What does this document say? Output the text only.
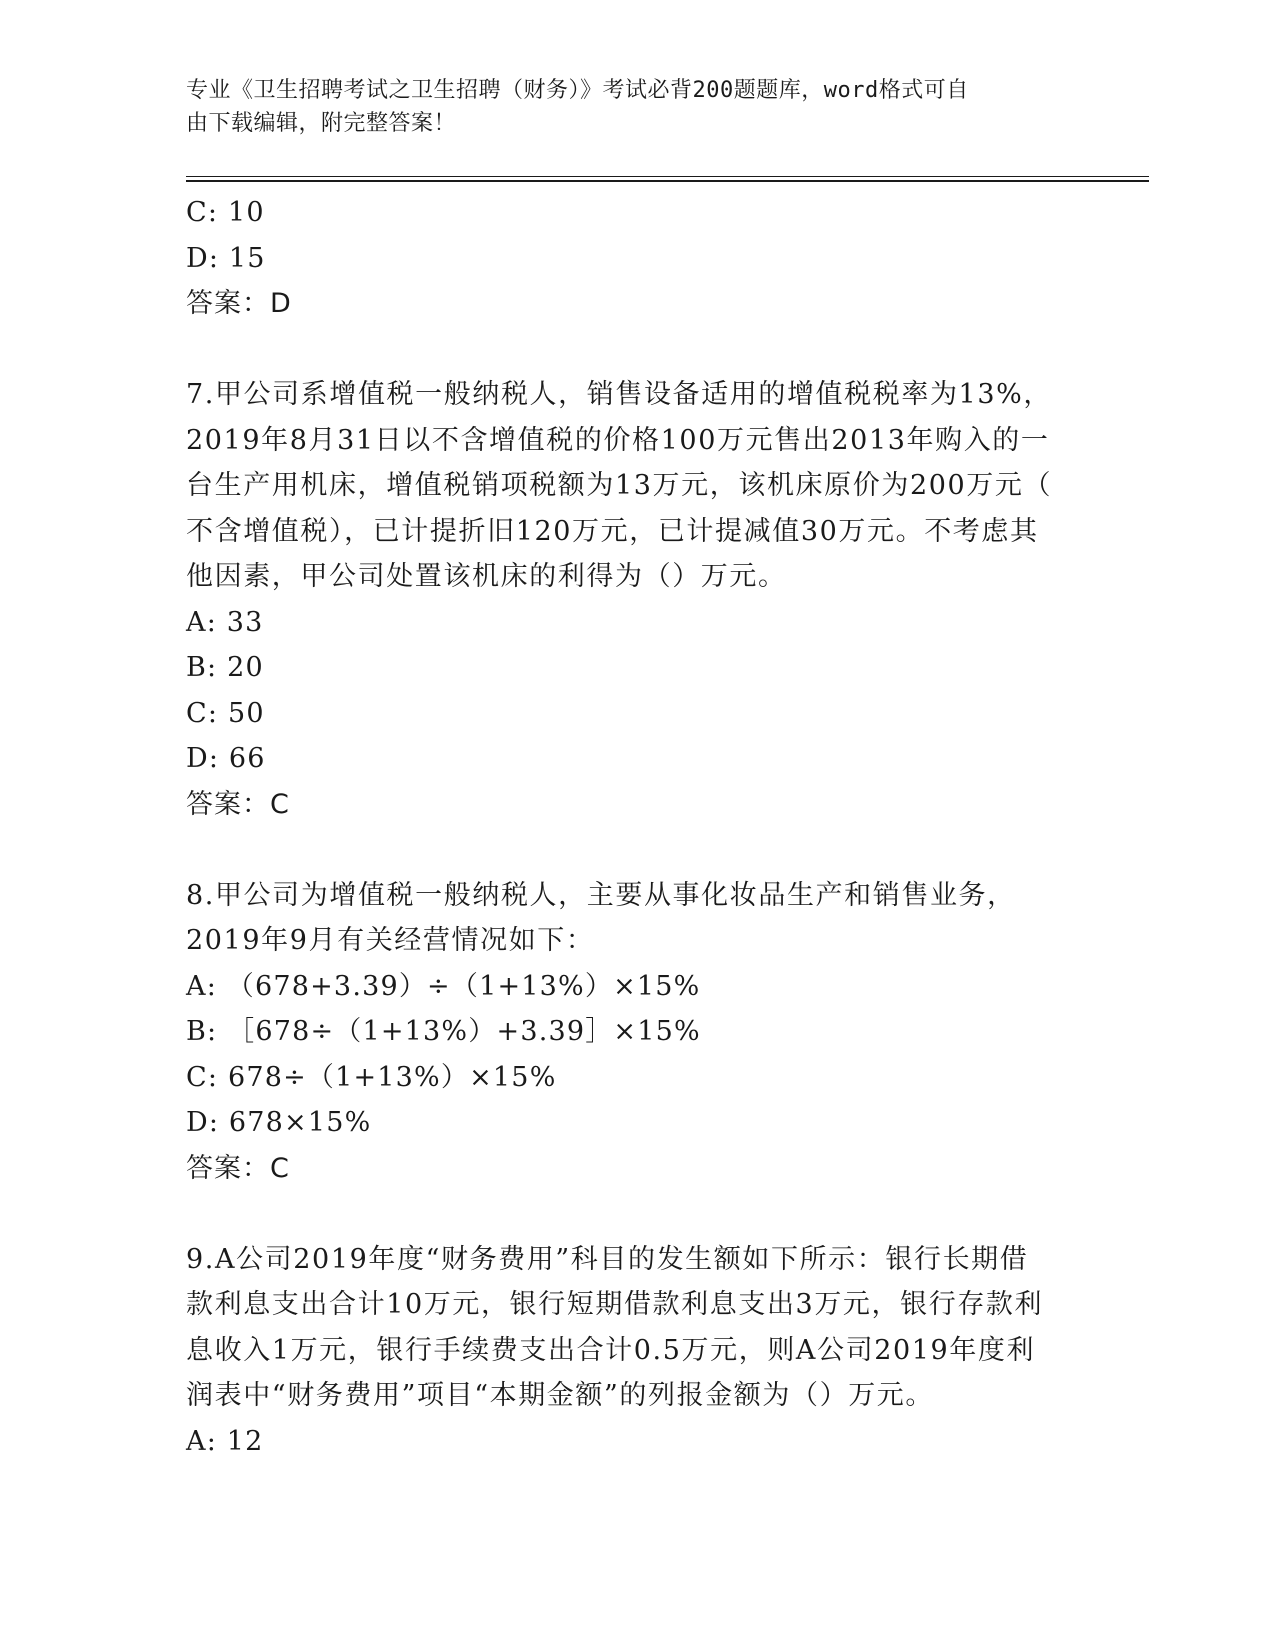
专业《卫生招聘考试之卫生招聘（财务）》考试必背200题题库，word格式可自
由下载编辑，附完整答案！
C: 10
D: 15
答案：D
7.甲公司系增值税一般纳税人，销售设备适用的增值税税率为13%，
2019年8月31日以不含增值税的价格100万元售出2013年购入的一
台生产用机床，增值税销项税额为13万元，该机床原价为200万元（
不含增值税），已计提折旧120万元，已计提减值30万元。不考虑其
他因素，甲公司处置该机床的利得为（）万元。
A: 33
B: 20
C: 50
D: 66
答案：C
8.甲公司为增值税一般纳税人，主要从事化妆品生产和销售业务，
2019年9月有关经营情况如下：
A: （678+3.39）÷（1+13%）×15%
B: ［678÷（1+13%）+3.39］×15%
C: 678÷（1+13%）×15%
D: 678×15%
答案：C
9.A公司2019年度“财务费用”科目的发生额如下所示：银行长期借
款利息支出合计10万元，银行短期借款利息支出3万元，银行存款利
息收入1万元，银行手续费支出合计0.5万元，则A公司2019年度利
润表中“财务费用”项目“本期金额”的列报金额为（）万元。
A: 12
